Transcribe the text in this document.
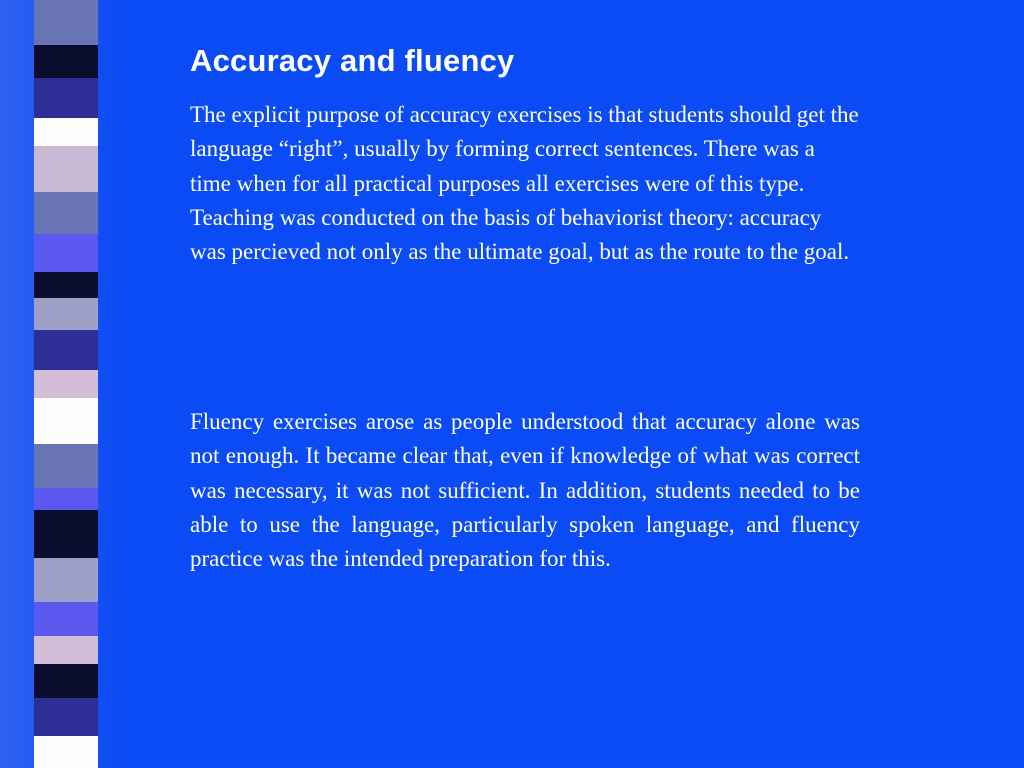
Accuracy and fluency

The explicit purpose of accuracy exercises is that students should get the language “right”, usually by forming correct sentences. There was a time when for all practical purposes all exercises were of this type. Teaching was conducted on the basis of behaviorist theory: accuracy was percieved not only as the ultimate goal, but as the route to the goal.

Fluency exercises arose as people understood that accuracy alone was not enough. It became clear that, even if knowledge of what was correct was necessary, it was not sufficient. In addition, students needed to be able to use the language, particularly spoken language, and fluency practice was the intended preparation for this.
